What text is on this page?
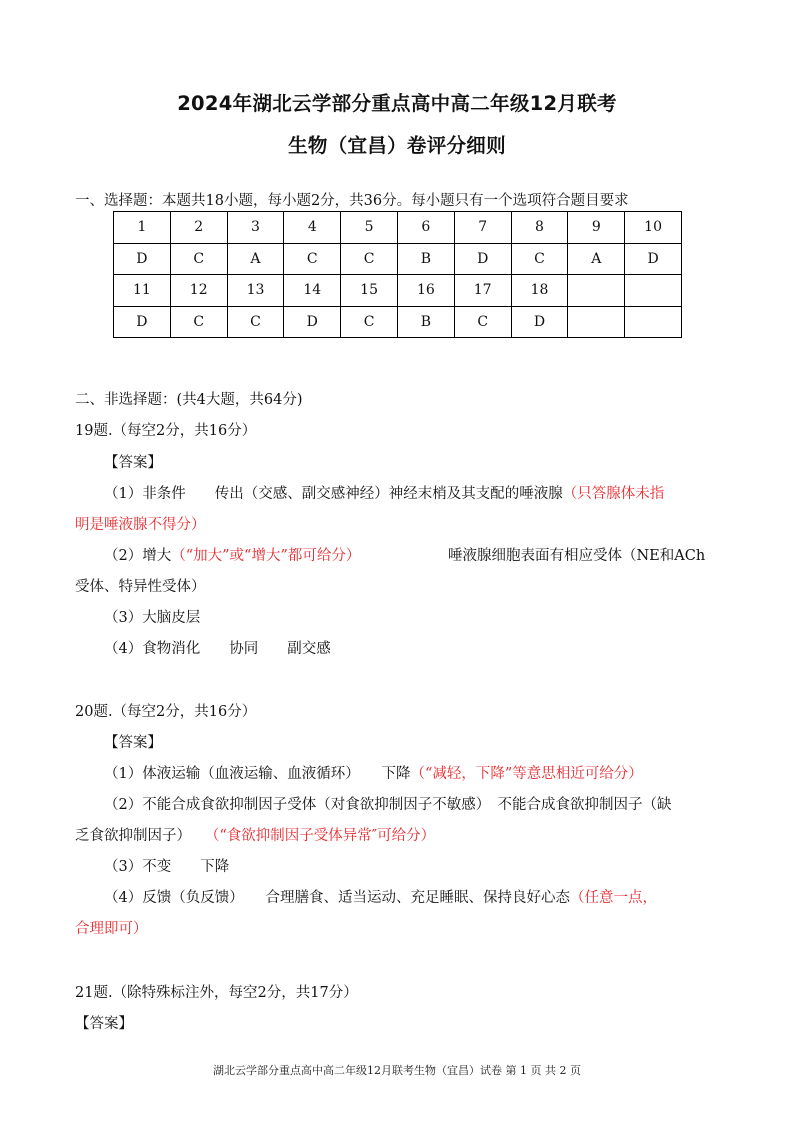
2024年湖北云学部分重点高中高二年级12月联考
生物（宜昌）卷评分细则
一、选择题：本题共18小题，每小题2分，共36分。每小题只有一个选项符合题目要求
1	2	3	4	5	6	7	8	9	10
D	C	A	C	C	B	D	C	A	D
11	12	13	14	15	16	17	18		
D	C	C	D	C	B	C	D		
二、非选择题：(共4大题，共64分)
19题.（每空2分，共16分）
【答案】
（1）非条件　　传出（交感、副交感神经）神经末梢及其支配的唾液腺（只答腺体未指
明是唾液腺不得分）
（2）增大（“加大”或“增大”都可给分）	唾液腺细胞表面有相应受体（NE和ACh
受体、特异性受体）
（3）大脑皮层
（4）食物消化　　协同　　副交感
20题.（每空2分，共16分）
【答案】
（1）体液运输（血液运输、血液循环）　　下降（“减轻，下降”等意思相近可给分）
（2）不能合成食欲抑制因子受体（对食欲抑制因子不敏感）　不能合成食欲抑制因子（缺
乏食欲抑制因子） （“食欲抑制因子受体异常″可给分）
（3）不变　　下降
（4）反馈（负反馈）　　合理膳食、适当运动、充足睡眠、保持良好心态（任意一点，
合理即可）
21题.（除特殊标注外，每空2分，共17分）
【答案】
湖北云学部分重点高中高二年级12月联考生物（宜昌）试卷 第 1 页 共 2 页
